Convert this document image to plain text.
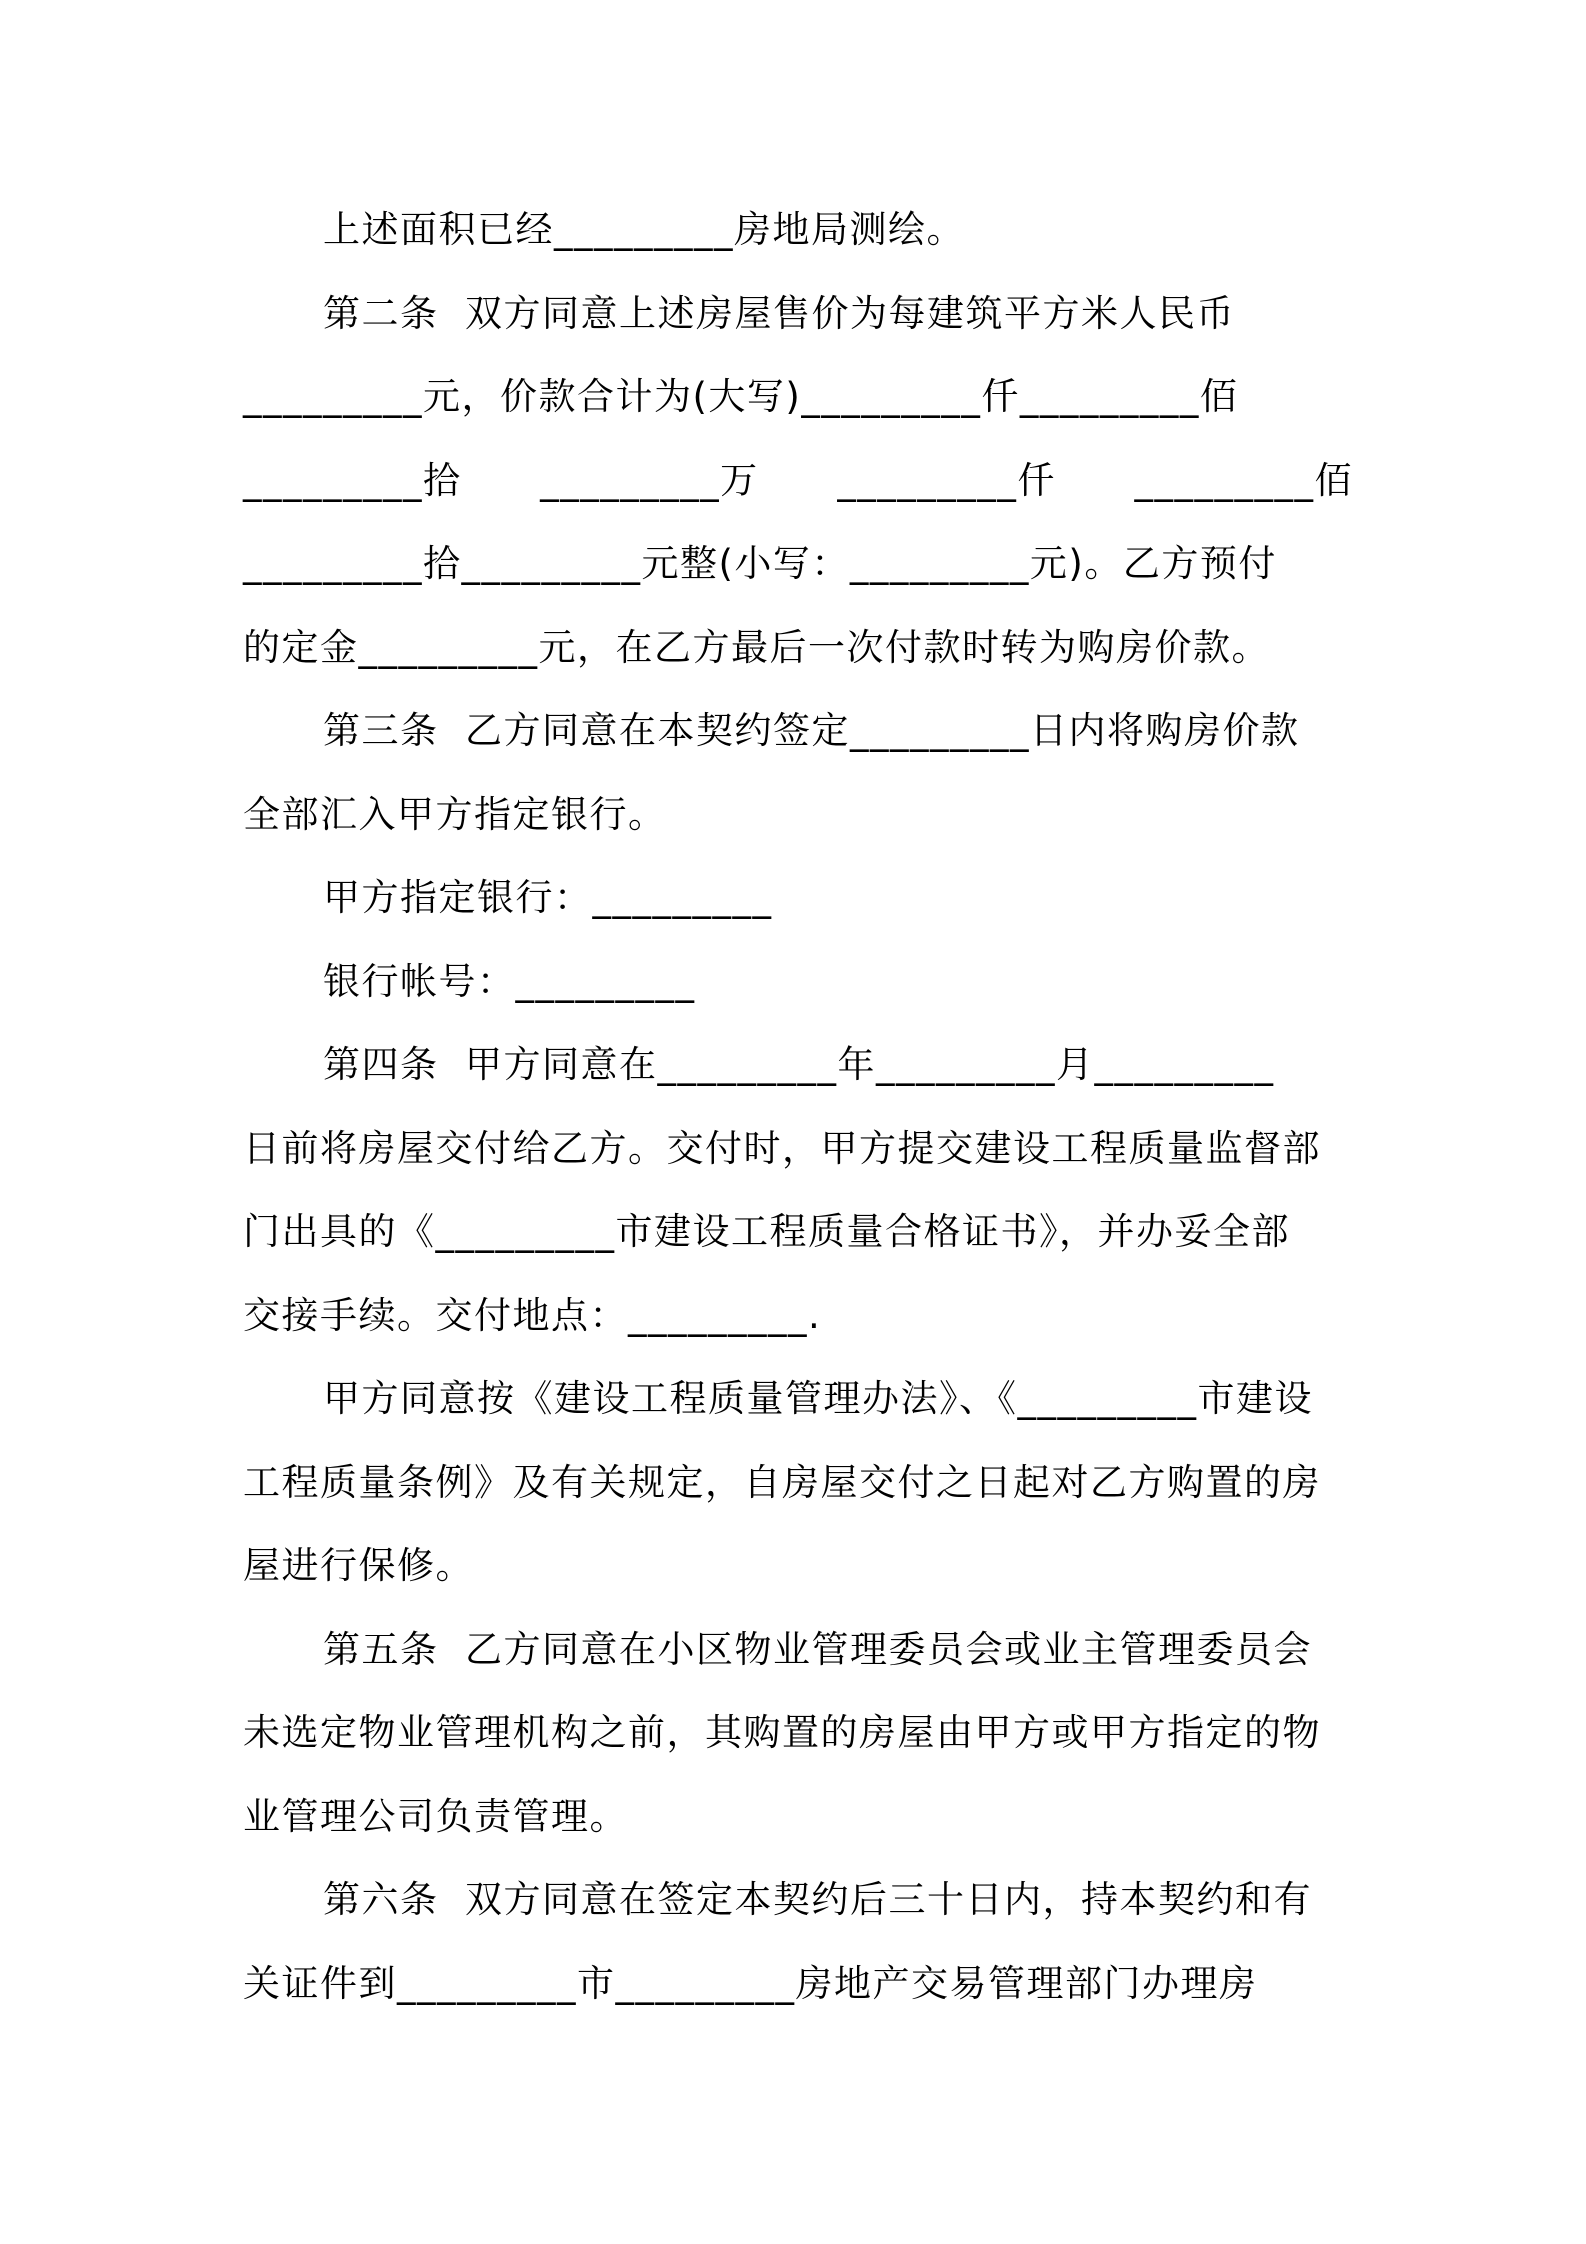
上述面积已经_________房地局测绘。
第二条  双方同意上述房屋售价为每建筑平方米人民币
_________元，价款合计为(大写)_________仟_________佰
_________拾 _________万 _________仟 _________佰
_________拾_________元整(小写：_________元)。乙方预付
的定金_________元，在乙方最后一次付款时转为购房价款。
第三条  乙方同意在本契约签定_________日内将购房价款
全部汇入甲方指定银行。
甲方指定银行：_________
银行帐号：_________
第四条  甲方同意在_________年_________月_________
日前将房屋交付给乙方。交付时，甲方提交建设工程质量监督部
门出具的《_________市建设工程质量合格证书》，并办妥全部
交接手续。交付地点：_________.
甲方同意按《建设工程质量管理办法》、《_________市建设
工程质量条例》及有关规定，自房屋交付之日起对乙方购置的房
屋进行保修。
第五条  乙方同意在小区物业管理委员会或业主管理委员会
未选定物业管理机构之前，其购置的房屋由甲方或甲方指定的物
业管理公司负责管理。
第六条  双方同意在签定本契约后三十日内，持本契约和有
关证件到_________市_________房地产交易管理部门办理房
